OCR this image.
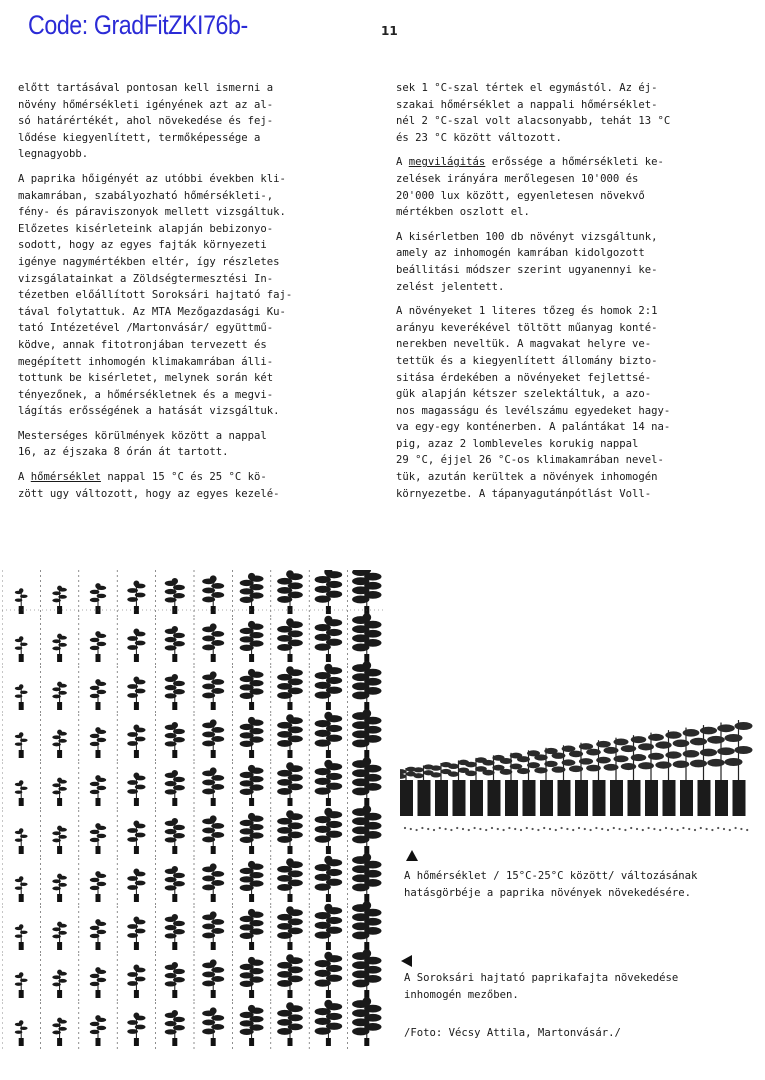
Code: GradFitZKI76b-	11

előtt tartásával pontosan kell ismerni a
növény hőmérsékleti igényének azt az al-
só határértékét, ahol növekedése és fej-
lődése kiegyenlített, termőképessége a
legnagyobb.

A paprika hőigényét az utóbbi években kli-
makamrában, szabályozható hőmérsékleti-,
fény- és páraviszonyok mellett vizsgáltuk.
Előzetes kisérleteink alapján bebizonyo-
sodott, hogy az egyes fajták környezeti
igénye nagymértékben eltér, így részletes
vizsgálatainkat a Zöldségtermesztési In-
tézetben előállított Soroksári hajtató faj-
tával folytattuk. Az MTA Mezőgazdasági Ku-
tató Intézetével /Martonvásár/ együttmű-
ködve, annak fitotronjában tervezett és
megépített inhomogén klimakamrában álli-
tottunk be kisérletet, melynek során két
tényezőnek, a hőmérsékletnek és a megvi-
lágítás erősségének a hatását vizsgáltuk.

Mesterséges körülmények között a nappal
16, az éjszaka 8 órán át tartott.

A hőmérséklet nappal 15 °C és 25 °C kö-
zött ugy változott, hogy az egyes kezelé-

sek 1 °C-szal tértek el egymástól. Az éj-
szakai hőmérséklet a nappali hőmérséklet-
nél 2 °C-szal volt alacsonyabb, tehát 13 °C
és 23 °C között változott.

A megvilágitás erőssége a hőmérsékleti ke-
zelések irányára merőlegesen 10'000 és
20'000 lux között, egyenletesen növekvő
mértékben oszlott el.

A kisérletben 100 db növényt vizsgáltunk,
amely az inhomogén kamrában kidolgozott
beállitási módszer szerint ugyanennyi ke-
zelést jelentett.

A növényeket 1 literes tőzeg és homok 2:1
arányu keverékével töltött műanyag konté-
nerekben neveltük. A magvakat helyre ve-
tettük és a kiegyenlített állomány bizto-
sitása érdekében a növényeket fejlettsé-
gük alapján kétszer szelektáltuk, a azo-
nos magasságu és levélszámu egyedeket hagy-
va egy-egy konténerben. A palántákat 14 na-
pig, azaz 2 lombleveles korukig nappal
29 °C, éjjel 26 °C-os klimakamrában nevel-
tük, azután kerültek a növények inhomogén
környezetbe. A tápanyagutánpótlást Voll-

A hőmérséklet / 15°C-25°C között/ változásának
hatásgörbéje a paprika növények növekedésére.
A Soroksári hajtató paprikafajta növekedése
inhomogén mezőben.
/Foto: Vécsy Attila, Martonvásár./
